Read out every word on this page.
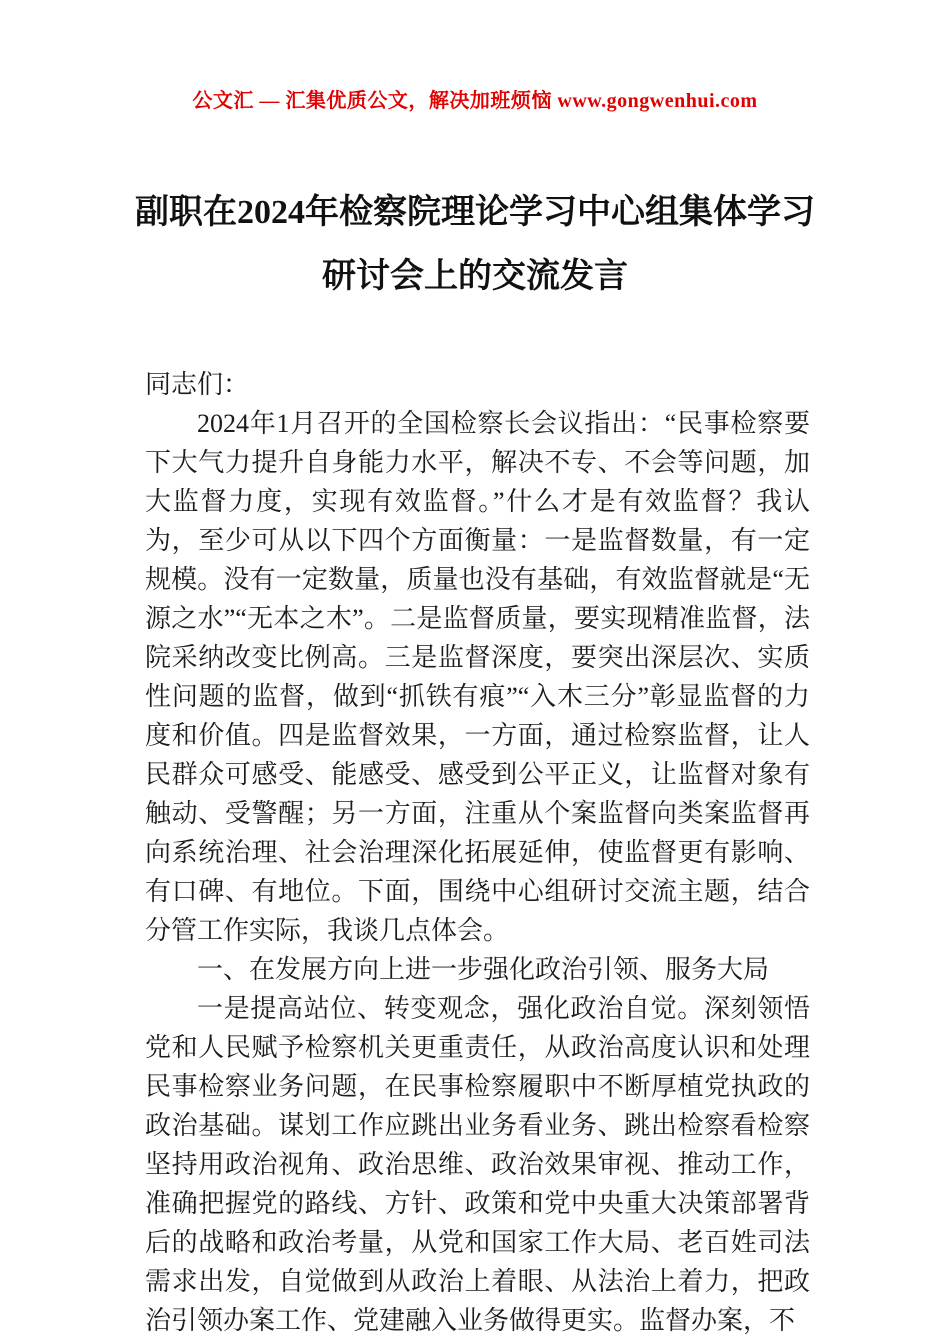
公文汇 — 汇集优质公文，解决加班烦恼 www.gongwenhui.com
副职在2024年检察院理论学习中心组集体学习研讨会上的交流发言

同志们：

2024年1月召开的全国检察长会议指出：“民事检察要下大气力提升自身能力水平，解决不专、不会等问题，加大监督力度，实现有效监督。”什么才是有效监督？我认为，至少可从以下四个方面衡量：一是监督数量，有一定规模。没有一定数量，质量也没有基础，有效监督就是“无源之水”“无本之木”。二是监督质量，要实现精准监督，法院采纳改变比例高。三是监督深度，要突出深层次、实质性问题的监督，做到“抓铁有痕”“入木三分”彰显监督的力度和价值。四是监督效果，一方面，通过检察监督，让人民群众可感受、能感受、感受到公平正义，让监督对象有触动、受警醒；另一方面，注重从个案监督向类案监督再向系统治理、社会治理深化拓展延伸，使监督更有影响、有口碑、有地位。下面，围绕中心组研讨交流主题，结合分管工作实际，我谈几点体会。

一、在发展方向上进一步强化政治引领、服务大局

一是提高站位、转变观念，强化政治自觉。深刻领悟党和人民赋予检察机关更重责任，从政治高度认识和处理民事检察业务问题，在民事检察履职中不断厚植党执政的政治基础。谋划工作应跳出业务看业务、跳出检察看检察坚持用政治视角、政治思维、政治效果审视、推动工作，准确把握党的路线、方针、政策和党中央重大决策部署背后的战略和政治考量，从党和国家工作大局、老百姓司法需求出发，自觉做到从政治上着眼、从法治上着力，把政治引领办案工作、党建融入业务做得更实。监督办案，不
